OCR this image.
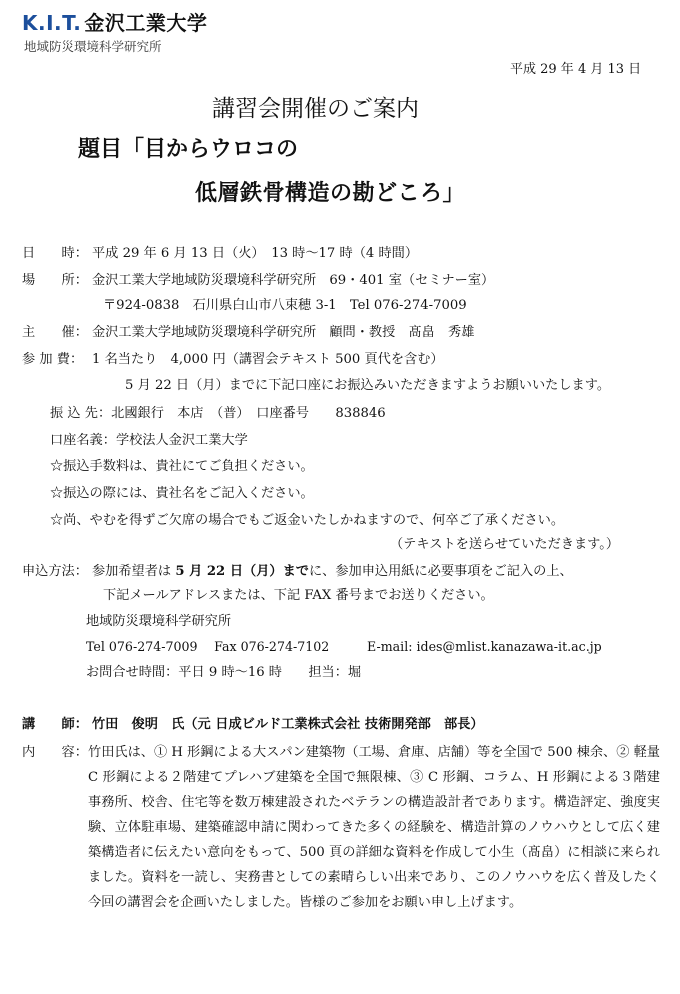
K.I.T. 金沢工業大学
地域防災環境科学研究所
平成 29 年 4 月 13 日
講習会開催のご案内
題目「目からウロコの
低層鉄骨構造の勘どころ」
日　　時： 平成 29 年 6 月 13 日（火）　13 時～17 時（4 時間）
場　　所： 金沢工業大学地域防災環境科学研究所　69・401 室（セミナー室）
〒924-0838　石川県白山市八束穂 3-1　Tel 076-274-7009
主　　催： 金沢工業大学地域防災環境科学研究所　顧問・教授　髙畠　秀雄
参 加 費： 1 名当たり　4,000 円（講習会テキスト 500 頁代を含む）
5 月 22 日（月）までに下記口座にお振込みいただきますようお願いいたします。
振 込 先：北國銀行　本店　（普）　口座番号　　838846
口座名義：学校法人金沢工業大学
☆振込手数料は、貴社にてご負担ください。
☆振込の際には、貴社名をご記入ください。
☆尚、やむを得ずご欠席の場合でもご返金いたしかねますので、何卒ご了承ください。
（テキストを送らせていただきます。）
申込方法： 参加希望者は 5 月 22 日（月）までに、参加申込用紙に必要事項をご記入の上、
下記メールアドレスまたは、下記 FAX 番号までお送りください。
地域防災環境科学研究所
Tel 076-274-7009　 Fax 076-274-7102　　　E-mail: ides@mlist.kanazawa-it.ac.jp
お問合せ時間：平日 9 時～16 時　　担当：堀
講　　師： 竹田　俊明　氏（元 日成ビルド工業株式会社 技術開発部　部長）
内　　容： 竹田氏は、① H 形鋼による大スパン建築物（工場、倉庫、店舗）等を全国で 500 棟余、② 軽量 C 形鋼による２階建てプレハブ建築を全国で無限棟、③ C 形鋼、コラム、H 形鋼による３階建事務所、校舎、住宅等を数万棟建設されたベテランの構造設計者であります。構造評定、強度実験、立体駐車場、建築確認申請に関わってきた多くの経験を、構造計算のノウハウとして広く建築構造者に伝えたい意向をもって、500 頁の詳細な資料を作成して小生（髙畠）に相談に来られました。資料を一読し、実務書としての素晴らしい出来であり、このノウハウを広く普及したく今回の講習会を企画いたしました。皆様のご参加をお願い申し上げます。
